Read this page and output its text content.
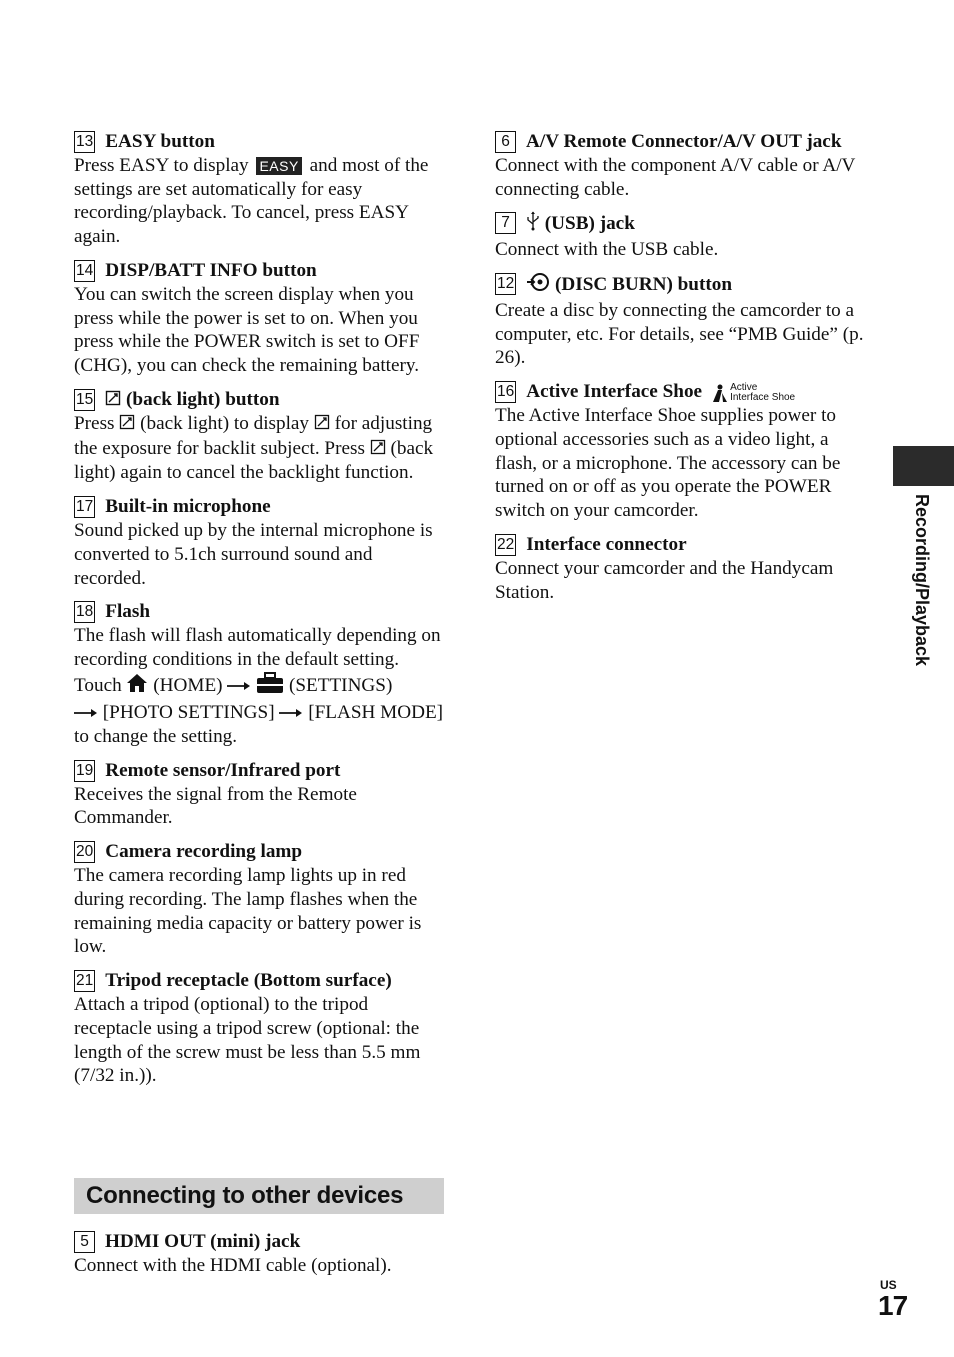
13 EASY button
Press EASY to display EASY and most of the settings are set automatically for easy recording/playback. To cancel, press EASY again.
14 DISP/BATT INFO button
You can switch the screen display when you press while the power is set to on. When you press while the POWER switch is set to OFF (CHG), you can check the remaining battery.
15	(back light) button
Press  (back light) to display  for adjusting the exposure for backlit subject. Press  (back light) again to cancel the backlight function.
17 Built-in microphone
Sound picked up by the internal microphone is converted to 5.1ch surround sound and recorded.
18 Flash
The flash will flash automatically depending on recording conditions in the default setting.
Touch  (HOME)	(SETTINGS)
[PHOTO SETTINGS]  [FLASH MODE] to change the setting.
19 Remote sensor/Infrared port
Receives the signal from the Remote Commander.
20 Camera recording lamp
The camera recording lamp lights up in red during recording. The lamp flashes when the remaining media capacity or battery power is low.
21 Tripod receptacle (Bottom surface)
Attach a tripod (optional) to the tripod receptacle using a tripod screw (optional: the length of the screw must be less than 5.5 mm (7/32 in.)).
Connecting to other devices
5 HDMI OUT (mini) jack
Connect with the HDMI cable (optional).
6 A/V Remote Connector/A/V OUT jack
Connect with the component A/V cable or A/V connecting cable.
7	(USB) jack
Connect with the USB cable.
12	(DISC BURN) button
Create a disc by connecting the camcorder to a computer, etc. For details, see “PMB Guide” (p. 26).
16 Active Interface Shoe	Active
Interface Shoe
The Active Interface Shoe supplies power to optional accessories such as a video light, a flash, or a microphone. The accessory can be turned on or off as you operate the POWER switch on your camcorder.
22 Interface connector
Connect your camcorder and the Handycam Station.	Recording/Playback
US
17
